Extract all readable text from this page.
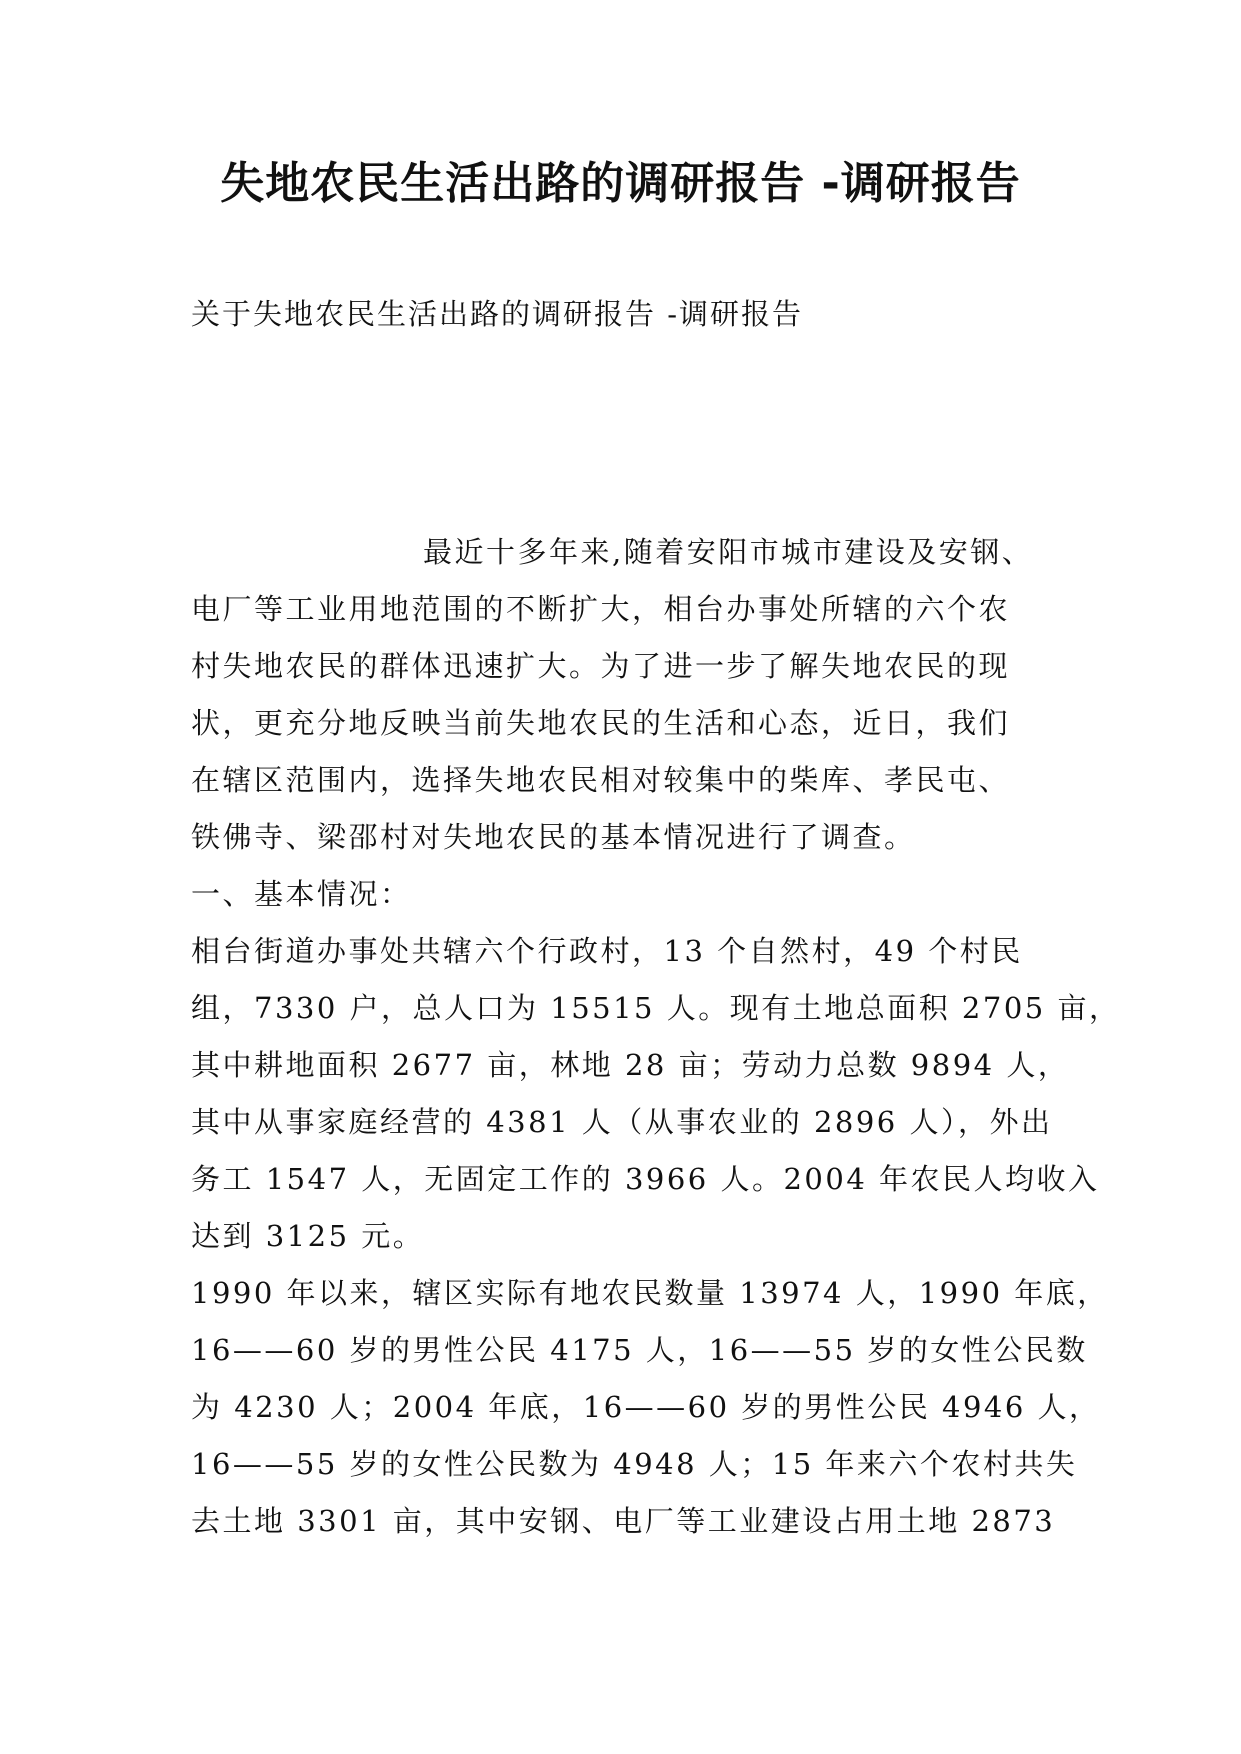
失地农民生活出路的调研报告 -调研报告
关于失地农民生活出路的调研报告 -调研报告
最近十多年来,随着安阳市城市建设及安钢、
电厂等工业用地范围的不断扩大，相台办事处所辖的六个农
村失地农民的群体迅速扩大。为了进一步了解失地农民的现
状，更充分地反映当前失地农民的生活和心态，近日，我们
在辖区范围内，选择失地农民相对较集中的柴库、孝民屯、
铁佛寺、梁邵村对失地农民的基本情况进行了调查。
一、基本情况：
相台街道办事处共辖六个行政村，13 个自然村，49 个村民
组，7330 户，总人口为 15515 人。现有土地总面积 2705 亩，
其中耕地面积 2677 亩，林地 28 亩；劳动力总数 9894 人，
其中从事家庭经营的 4381 人（从事农业的 2896 人），外出
务工 1547 人，无固定工作的 3966 人。2004 年农民人均收入
达到 3125 元。
1990 年以来，辖区实际有地农民数量 13974 人，1990 年底，
16——60 岁的男性公民 4175 人，16——55 岁的女性公民数
为 4230 人；2004 年底，16——60 岁的男性公民 4946 人，
16——55 岁的女性公民数为 4948 人；15 年来六个农村共失
去土地 3301 亩，其中安钢、电厂等工业建设占用土地 2873
